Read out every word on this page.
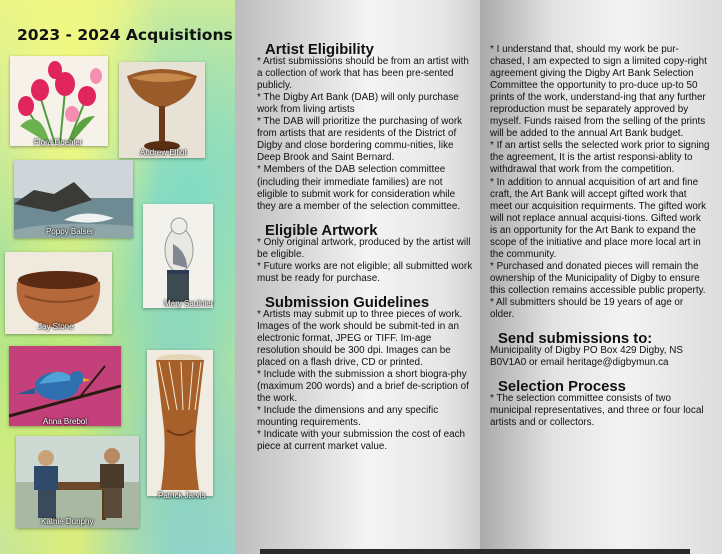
2023 - 2024 Acquisitions
Flora Doehler
Andrew Elliot
Poppy Balser
Mary Saulnier
Jay Stone
Anna Brebol
Patrick Jarvis
Kathie Dunphy
Artist Eligibility

* Artist submissions should be from an artist with a collection of work that has been pre-sented publicly.

* The Digby Art Bank (DAB) will only purchase work from living artists

* The DAB will prioritize the purchasing of work from artists that are residents of the District of Digby and close bordering commu-nities, like Deep Brook and Saint Bernard.

* Members of the DAB selection committee (including their immediate families) are not eligible to submit work for consideration while they are a member of the selection committee.

Eligible Artwork

* Only original artwork, produced by the artist will be eligible.

* Future works are not eligible; all submitted work must be ready for purchase.

Submission Guidelines

* Artists may submit up to three pieces of work. Images of the work should be submit-ted in an electronic format, JPEG or TIFF. Im-age resolution should be 300 dpi. Images can be placed on a flash drive, CD or printed.

* Include with the submission a short biogra-phy (maximum 200 words) and a brief de-scription of the work.

* Include the dimensions and any specific mounting requirements.

* Indicate with your submission the cost of each piece at current market value.

* I understand that, should my work be pur-chased, I am expected to sign a limited copy-right agreement giving the Digby Art Bank Selection Committee the opportunity to pro-duce up-to 50 prints of the work, understand-ing that any further reproduction must be separately approved by myself. Funds raised from the selling of the prints will be added to the annual Art Bank budget.

* If an artist sells the selected work prior to signing the agreement, It is the artist responsi-ablity to withdrawal that work from the competition.

* In addition to annual acquisition of art and fine craft, the Art Bank will accept gifted work that meet our acquisition requirments. The gifted work will not replace annual acquisi-tions. Gifted work is an opportunity for the Art Bank to expand the scope of the initiative and place more local art in the community.

* Purchased and donated pieces will remain the ownership of the Municipality of Digby to ensure this collection remains accessible public property.

* All submitters should be 19 years of age or older.

Send submissions to:

Municipality of Digby PO Box 429 Digby, NS

B0V1A0 or email heritage@digbymun.ca

Selection Process

* The selection committee consists of two municipal representatives, and three or four local artists and or collectors.
